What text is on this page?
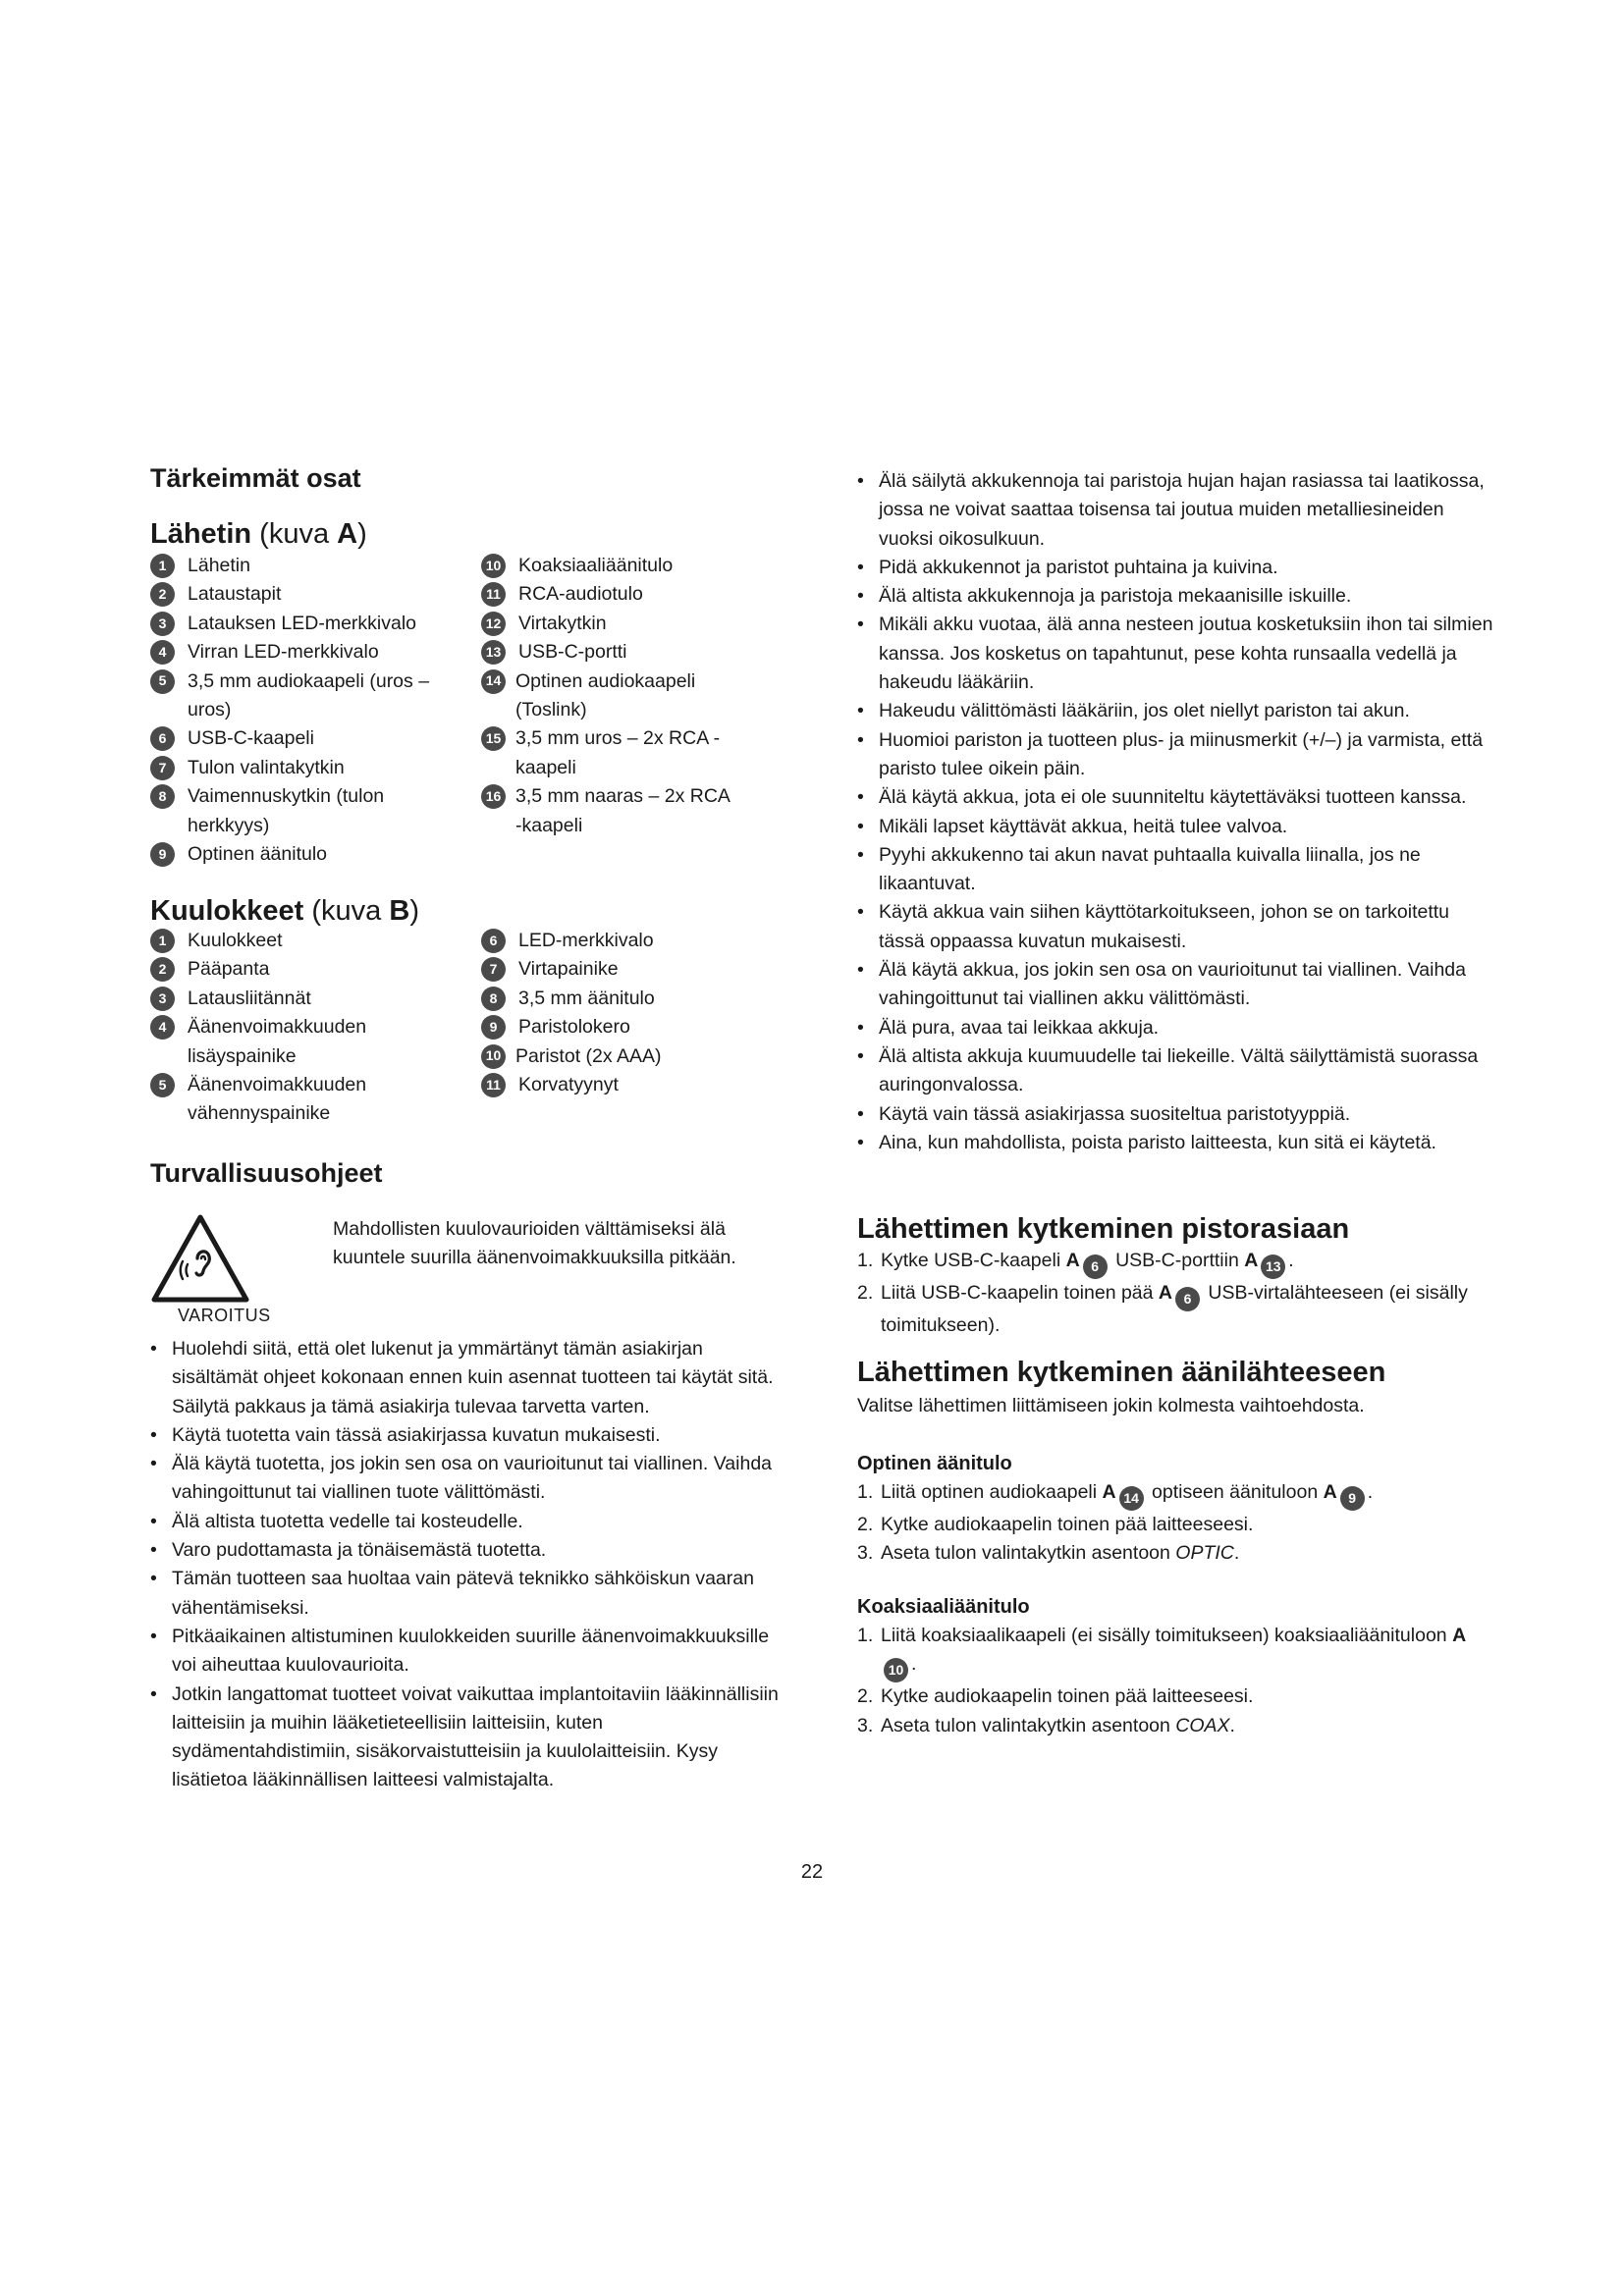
Tärkeimmät osat
Lähetin (kuva A)
1	Lähetin
2	Lataustapit
3	Latauksen LED-merkkivalo
4	Virran LED-merkkivalo
5	3,5 mm audiokaapeli (uros – uros)
6	USB-C-kaapeli
7	Tulon valintakytkin
8	Vaimennuskytkin (tulon herkkyys)
9	Optinen äänitulo
10 Koaksiaaliäänitulo
11 RCA-audiotulo
12 Virtakytkin
13 USB-C-portti
14 Optinen audiokaapeli (Toslink)
15 3,5 mm uros – 2x RCA -kaapeli
16 3,5 mm naaras – 2x RCA -kaapeli
Kuulokkeet (kuva B)
1	Kuulokkeet
2	Pääpanta
3	Latausliitännät
4	Äänenvoimakkuuden lisäyspainike
5	Äänenvoimakkuuden vähennyspainike
6	LED-merkkivalo
7	Virtapainike
8	3,5 mm äänitulo
9	Paristolokero
10 Paristot (2x AAA)
11 Korvatyynyt
Turvallisuusohjeet

Mahdollisten kuulovaurioiden välttämiseksi älä kuuntele suurilla äänenvoimakkuuksilla pitkään.

VAROITUS
• Huolehdi siitä, että olet lukenut ja ymmärtänyt tämän asiakirjan sisältämät ohjeet kokonaan ennen kuin asennat tuotteen tai käytät sitä. Säilytä pakkaus ja tämä asiakirja tulevaa tarvetta varten.
• Käytä tuotetta vain tässä asiakirjassa kuvatun mukaisesti.
• Älä käytä tuotetta, jos jokin sen osa on vaurioitunut tai viallinen. Vaihda vahingoittunut tai viallinen tuote välittömästi.
• Älä altista tuotetta vedelle tai kosteudelle.
• Varo pudottamasta ja tönäisemästä tuotetta.
• Tämän tuotteen saa huoltaa vain pätevä teknikko sähköiskun vaaran vähentämiseksi.
• Pitkäaikainen altistuminen kuulokkeiden suurille äänenvoimakkuuksille voi aiheuttaa kuulovaurioita.
• Jotkin langattomat tuotteet voivat vaikuttaa implantoitaviin lääkinnällisiin laitteisiin ja muihin lääketieteellisiin laitteisiin, kuten sydämentahdistimiin, sisäkorvaistutteisiin ja kuulolaitteisiin. Kysy lisätietoa lääkinnällisen laitteesi valmistajalta.
• Älä säilytä akkukennoja tai paristoja hujan hajan rasiassa tai laatikossa, jossa ne voivat saattaa toisensa tai joutua muiden metalliesineiden vuoksi oikosulkuun.
• Pidä akkukennot ja paristot puhtaina ja kuivina.
• Älä altista akkukennoja ja paristoja mekaanisille iskuille.
• Mikäli akku vuotaa, älä anna nesteen joutua kosketuksiin ihon tai silmien kanssa. Jos kosketus on tapahtunut, pese kohta runsaalla vedellä ja hakeudu lääkäriin.
• Hakeudu välittömästi lääkäriin, jos olet niellyt pariston tai akun.
• Huomioi pariston ja tuotteen plus- ja miinusmerkit (+/–) ja varmista, että paristo tulee oikein päin.
• Älä käytä akkua, jota ei ole suunniteltu käytettäväksi tuotteen kanssa.
• Mikäli lapset käyttävät akkua, heitä tulee valvoa.
• Pyyhi akkukenno tai akun navat puhtaalla kuivalla liinalla, jos ne likaantuvat.
• Käytä akkua vain siihen käyttötarkoitukseen, johon se on tarkoitettu tässä oppaassa kuvatun mukaisesti.
• Älä käytä akkua, jos jokin sen osa on vaurioitunut tai viallinen. Vaihda vahingoittunut tai viallinen akku välittömästi.
• Älä pura, avaa tai leikkaa akkuja.
• Älä altista akkuja kuumuudelle tai liekeille. Vältä säilyttämistä suorassa auringonvalossa.
• Käytä vain tässä asiakirjassa suositeltua paristotyyppiä.
• Aina, kun mahdollista, poista paristo laitteesta, kun sitä ei käytetä.
Lähettimen kytkeminen pistorasiaan
1. Kytke USB-C-kaapeli A 6 USB-C-porttiin A 13 .
2. Liitä USB-C-kaapelin toinen pää A 6 USB-virtalähteeseen (ei sisälly toimitukseen).
Lähettimen kytkeminen äänilähteeseen

Valitse lähettimen liittämiseen jokin kolmesta vaihtoehdosta.

Optinen äänitulo
1. Liitä optinen audiokaapeli A 14 optiseen äänituloon A 9 .
2. Kytke audiokaapelin toinen pää laitteeseesi.
3. Aseta tulon valintakytkin asentoon OPTIC.
Koaksiaaliäänitulo
1. Liitä koaksiaalikaapeli (ei sisälly toimitukseen) koaksiaaliäänituloon A10 .
2. Kytke audiokaapelin toinen pää laitteeseesi.
3. Aseta tulon valintakytkin asentoon COAX.
22
